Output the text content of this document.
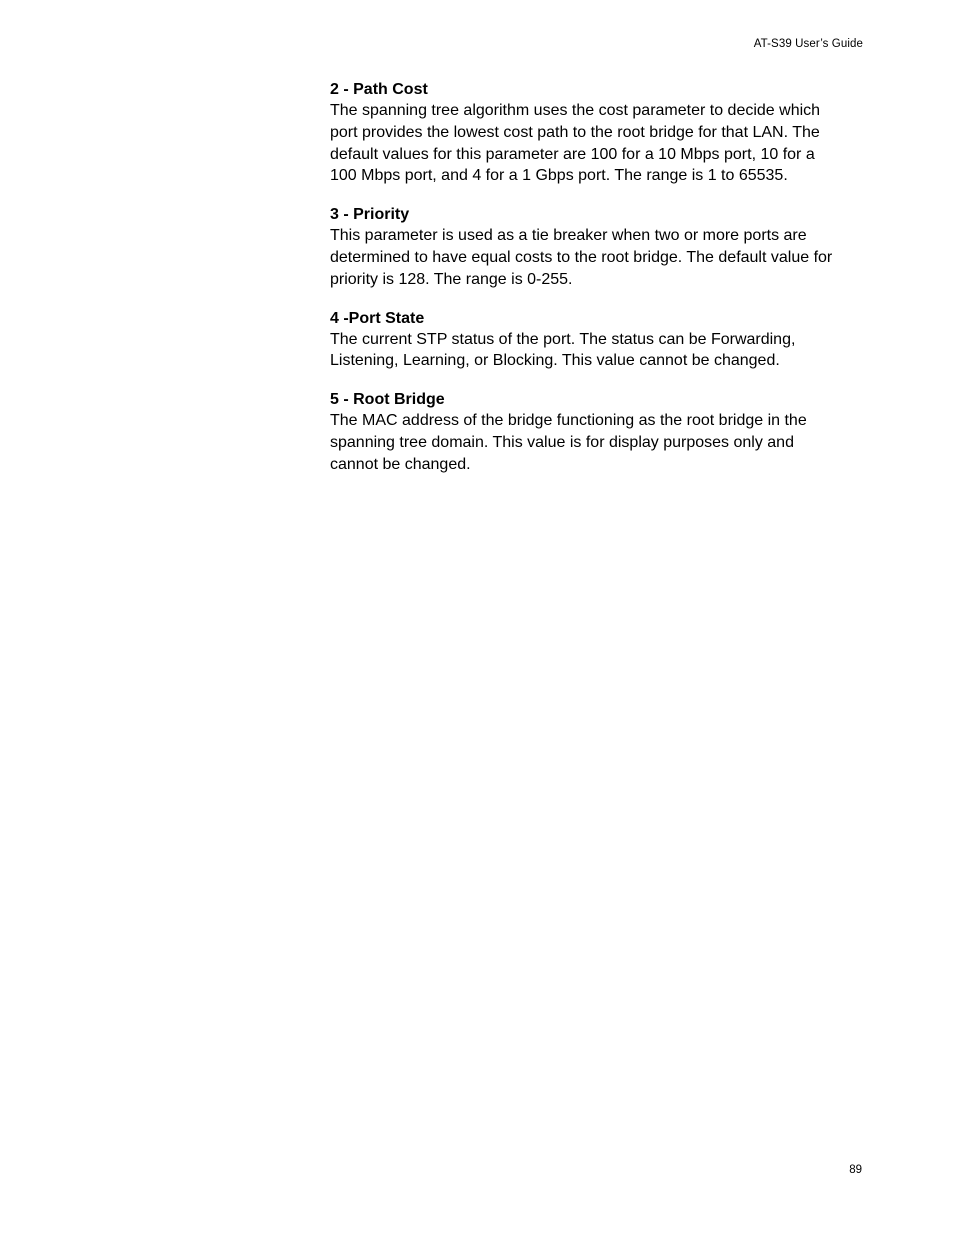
AT-S39 User’s Guide
2 - Path Cost
The spanning tree algorithm uses the cost parameter to decide which port provides the lowest cost path to the root bridge for that LAN. The default values for this parameter are 100 for a 10 Mbps port, 10 for a 100 Mbps port, and 4 for a 1 Gbps port. The range is 1 to 65535.
3 - Priority
This parameter is used as a tie breaker when two or more ports are determined to have equal costs to the root bridge. The default value for priority is 128. The range is 0-255.
4 -Port State
The current STP status of the port. The status can be Forwarding, Listening, Learning, or Blocking. This value cannot be changed.
5 - Root Bridge
The MAC address of the bridge functioning as the root bridge in the spanning tree domain. This value is for display purposes only and cannot be changed.
89
